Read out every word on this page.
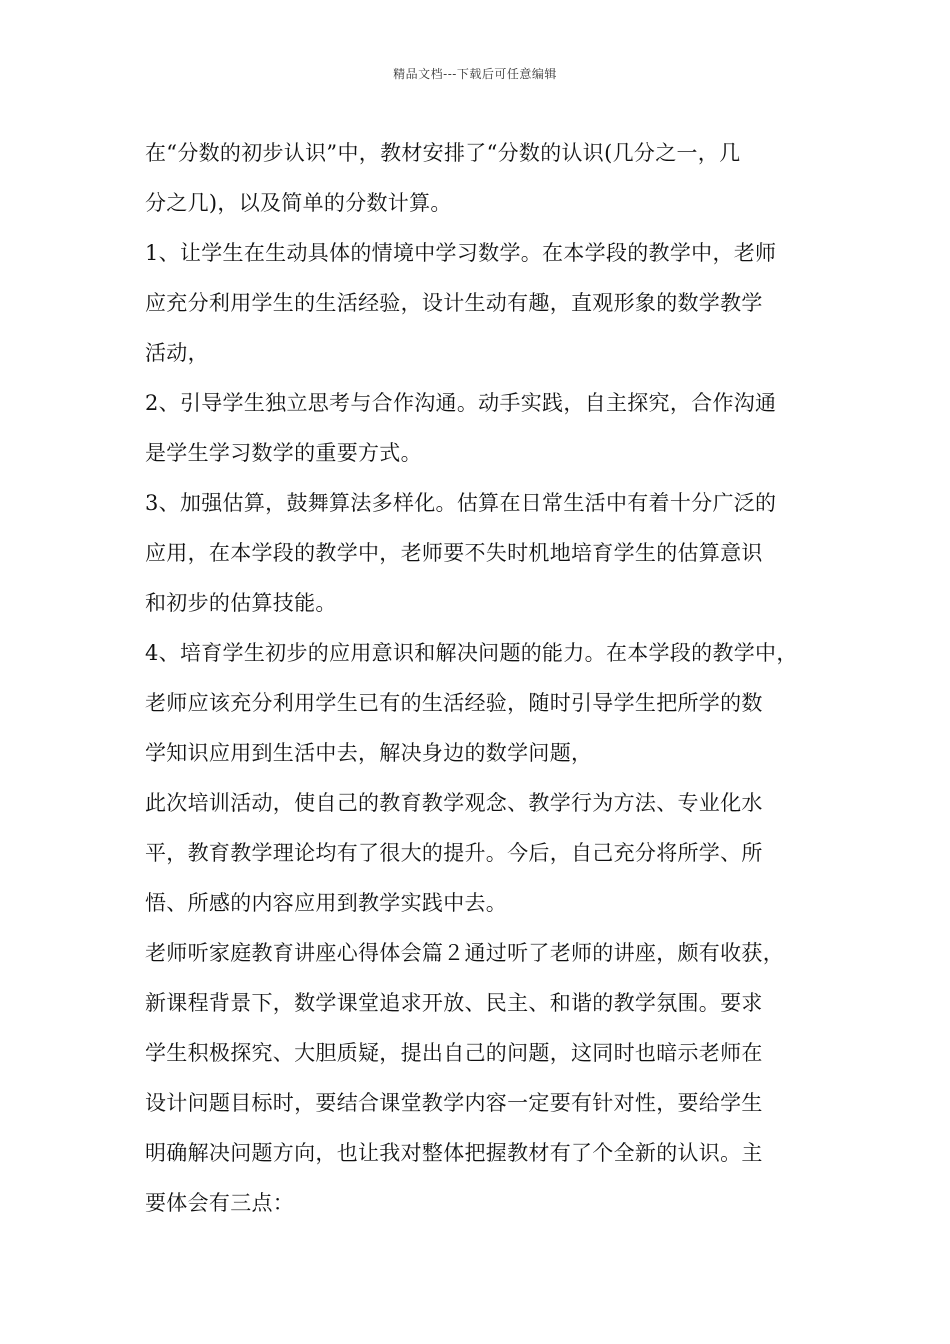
精品文档---下载后可任意编辑
在“分数的初步认识”中，教材安排了“分数的认识(几分之一，几
分之几)，以及简单的分数计算。
1、让学生在生动具体的情境中学习数学。在本学段的教学中，老师
应充分利用学生的生活经验，设计生动有趣，直观形象的数学教学
活动，
2、引导学生独立思考与合作沟通。动手实践，自主探究，合作沟通
是学生学习数学的重要方式。
3、加强估算，鼓舞算法多样化。估算在日常生活中有着十分广泛的
应用，在本学段的教学中，老师要不失时机地培育学生的估算意识
和初步的估算技能。
4、培育学生初步的应用意识和解决问题的能力。在本学段的教学中，
老师应该充分利用学生已有的生活经验，随时引导学生把所学的数
学知识应用到生活中去，解决身边的数学问题，
此次培训活动，使自己的教育教学观念、教学行为方法、专业化水
平，教育教学理论均有了很大的提升。今后，自己充分将所学、所
悟、所感的内容应用到教学实践中去。
老师听家庭教育讲座心得体会篇２通过听了老师的讲座，颇有收获，
新课程背景下，数学课堂追求开放、民主、和谐的教学氛围。要求
学生积极探究、大胆质疑，提出自己的问题，这同时也暗示老师在
设计问题目标时，要结合课堂教学内容一定要有针对性，要给学生
明确解决问题方向，也让我对整体把握教材有了个全新的认识。主
要体会有三点：
